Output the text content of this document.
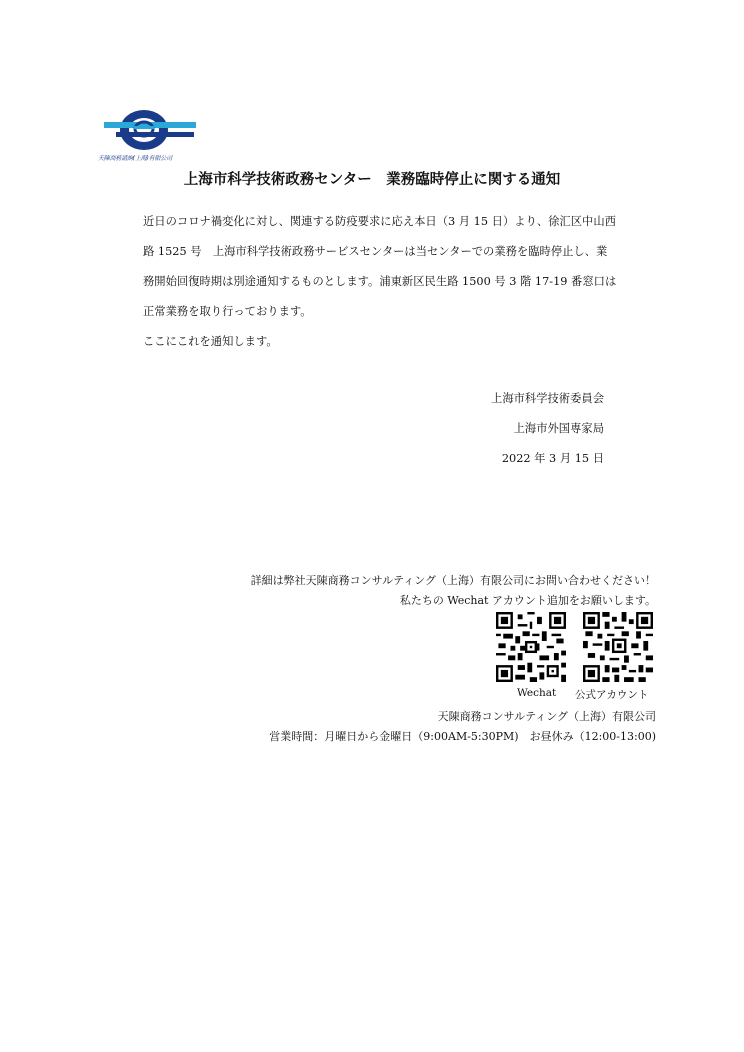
天陳商務諮詢(上海)有限公司
上海市科学技術政務センター　業務臨時停止に関する通知
近日のコロナ禍変化に対し、関連する防疫要求に応え本日（3 月 15 日）より、徐汇区中山西
路 1525 号　上海市科学技術政務サービスセンターは当センターでの業務を臨時停止し、業
務開始回復時期は別途通知するものとします。浦東新区民生路 1500 号 3 階 17-19 番窓口は
正常業務を取り行っております。
ここにこれを通知します。
上海市科学技術委員会
上海市外国専家局
2022 年 3 月 15 日
詳細は弊社天陳商務コンサルティング（上海）有限公司にお問い合わせください！
私たちの Wechat アカウント追加をお願いします。
Wechat 公式アカウント
天陳商務コンサルティング（上海）有限公司
営業時間：月曜日から金曜日（9:00AM-5:30PM)　お昼休み（12:00-13:00)
